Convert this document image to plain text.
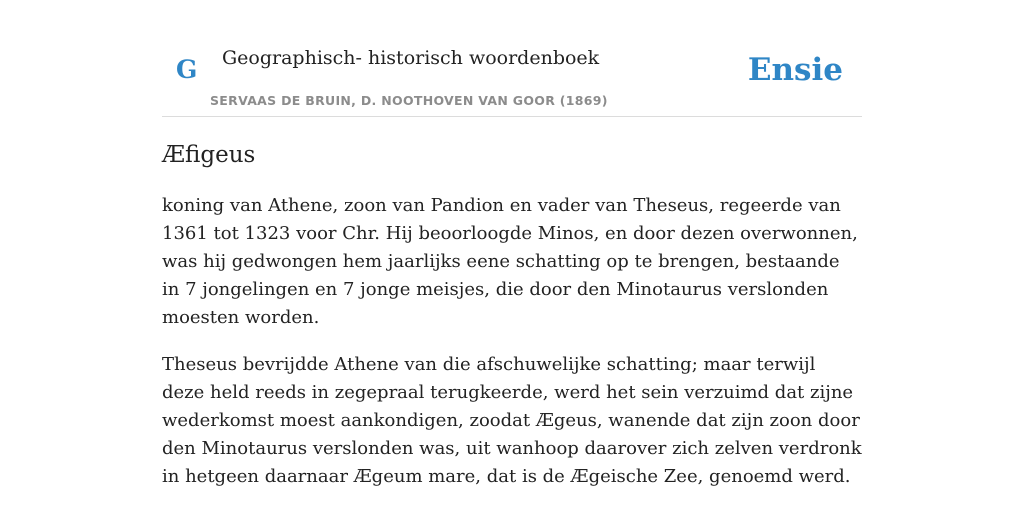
G Geographisch- historisch woordenboek
SERVAAS DE BRUIN, D. NOOTHOVEN VAN GOOR (1869)
Ensie
Æfigeus

koning van Athene, zoon van Pandion en vader van Theseus, regeerde van 1361 tot 1323 voor Chr. Hij beoorloogde Minos, en door dezen overwonnen, was hij gedwongen hem jaarlijks eene schatting op te brengen, bestaande in 7 jongelingen en 7 jonge meisjes, die door den Minotaurus verslonden moesten worden.

Theseus bevrijdde Athene van die afschuwelijke schatting; maar terwijl deze held reeds in zegepraal terugkeerde, werd het sein verzuimd dat zijne wederkomst moest aankondigen, zoodat Ægeus, wanende dat zijn zoon door den Minotaurus verslonden was, uit wanhoop daarover zich zelven verdronk in hetgeen daarnaar Ægeum mare, dat is de Ægeische Zee, genoemd werd.
